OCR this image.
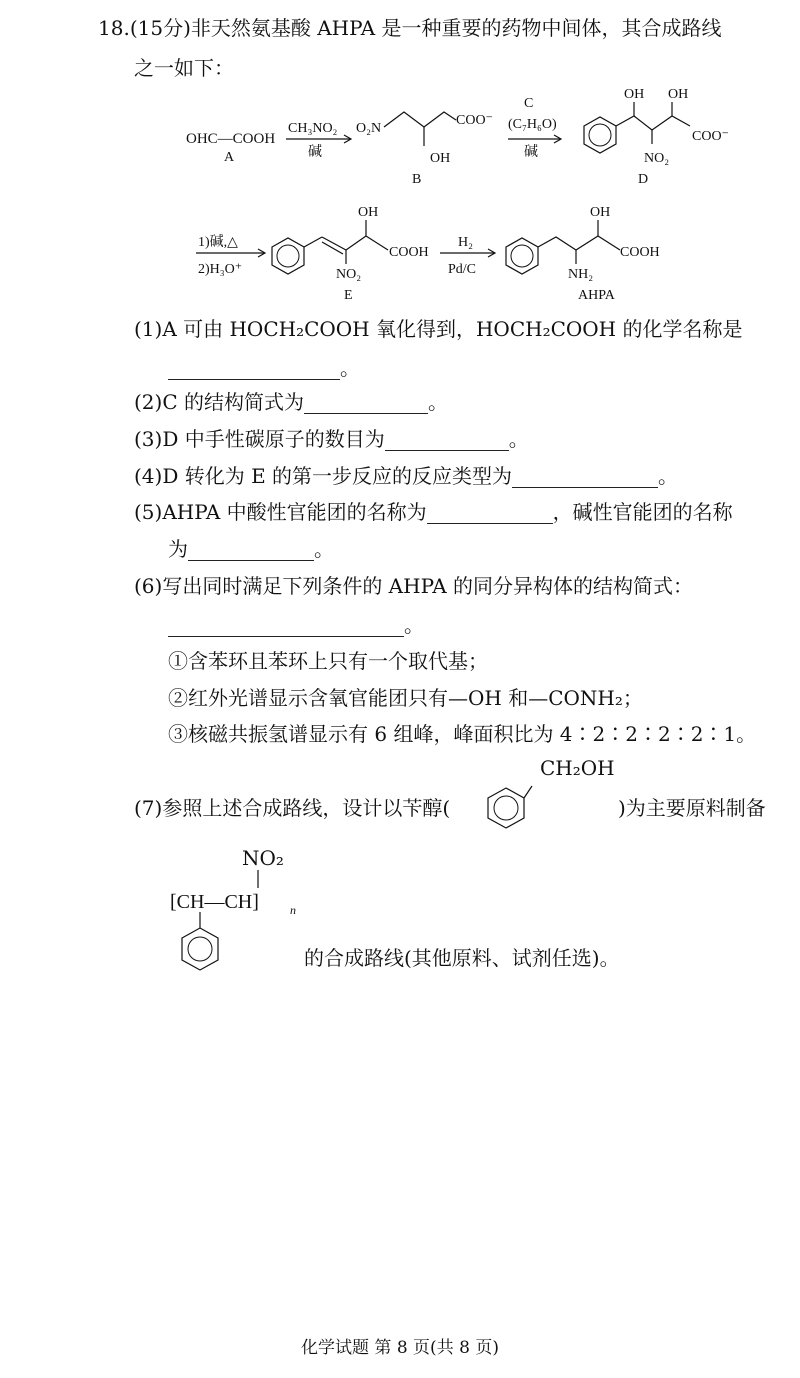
18.(15分)非天然氨基酸 AHPA 是一种重要的药物中间体，其合成路线
之一如下：
OHC—COOH
A
CH₃NO₂
碱
O₂N
COO⁻
OH
B
C
(C₇H₆O)
碱
OH OH
COO⁻
NO₂
D
1)碱,△
2)H₃O⁺
OH
COOH
NO₂
E
H₂
Pd/C
OH
COOH
NH₂
AHPA
(1)A 可由 HOCH₂COOH 氧化得到，HOCH₂COOH 的化学名称是
。
(2)C 的结构简式为	。
(3)D 中手性碳原子的数目为	。
(4)D 转化为 E 的第一步反应的反应类型为	。
(5)AHPA 中酸性官能团的名称为	，碱性官能团的名称
为	。
(6)写出同时满足下列条件的 AHPA 的同分异构体的结构简式：
。
①含苯环且苯环上只有一个取代基；
②红外光谱显示含氧官能团只有—OH 和—CONH₂；
③核磁共振氢谱显示有 6 组峰，峰面积比为 4∶2∶2∶2∶2∶1。
CH₂OH
(7)参照上述合成路线，设计以苄醇(	)为主要原料制备
NO₂
[CH—CH]	n
的合成路线(其他原料、试剂任选)。
化学试题 第 8 页(共 8 页)
